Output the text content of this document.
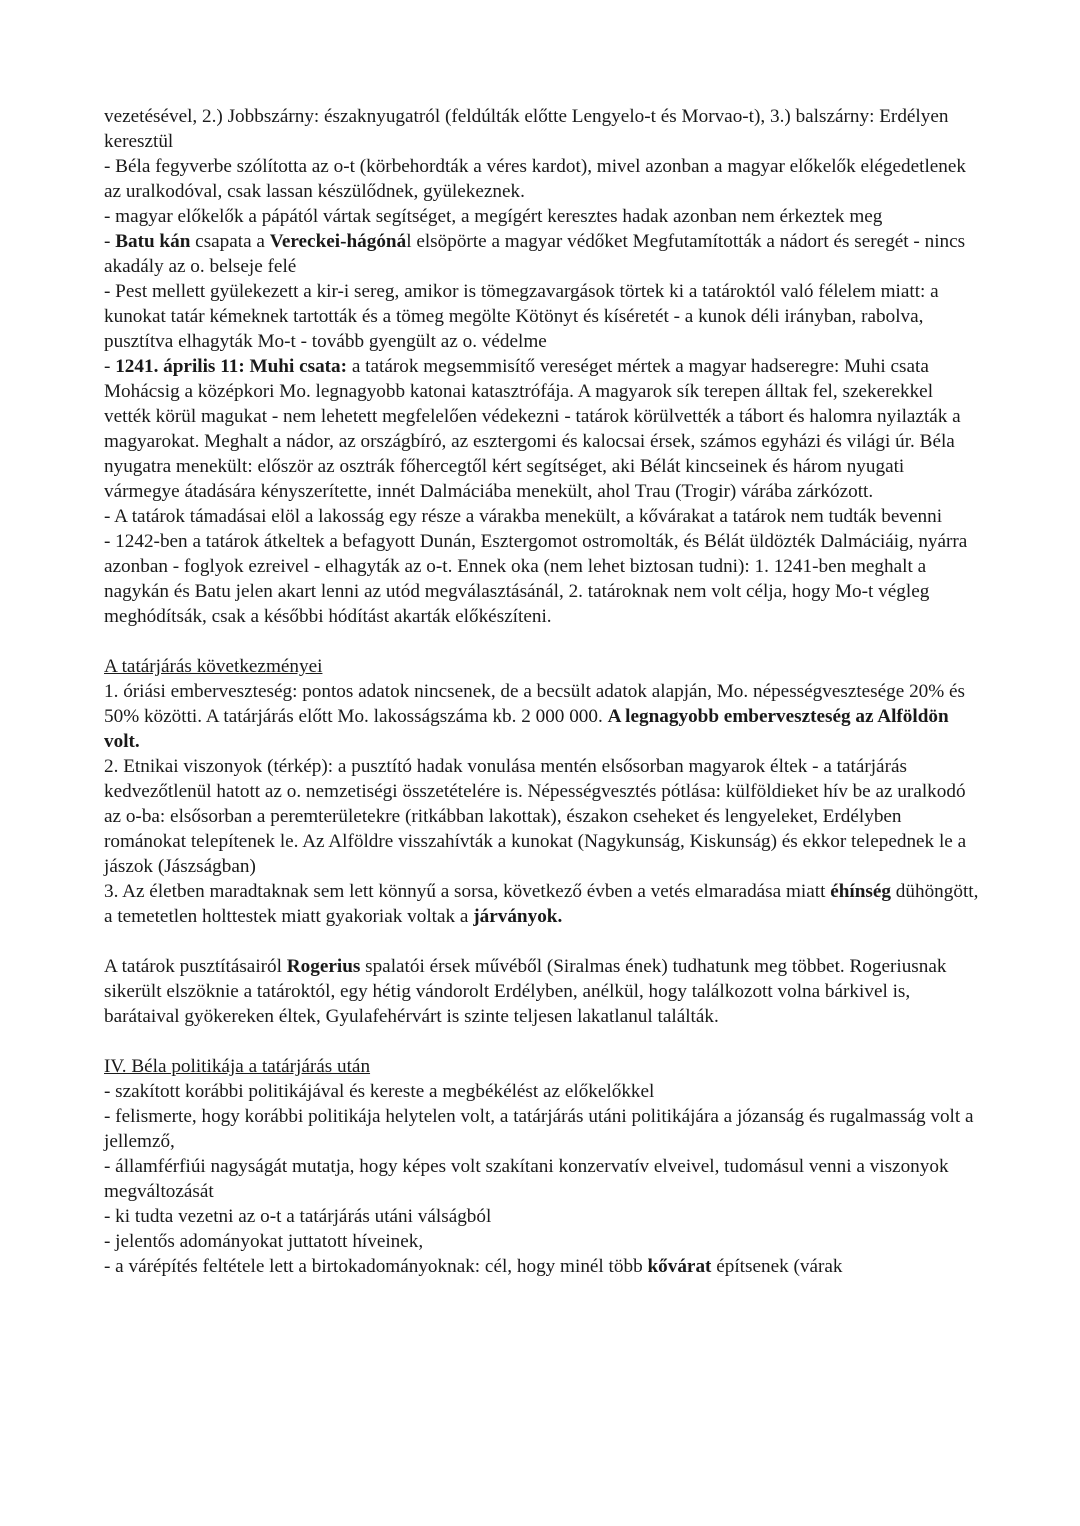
vezetésével, 2.) Jobbszárny: északnyugatról (feldúlták előtte Lengyelo-t és Morvao-t), 3.) balszárny: Erdélyen keresztül
- Béla fegyverbe szólította az o-t (körbehordták a véres kardot), mivel azonban a magyar előkelők elégedetlenek az uralkodóval, csak lassan készülődnek, gyülekeznek.
- magyar előkelők a pápától vártak segítséget, a megígért keresztes hadak azonban nem érkeztek meg
- Batu kán csapata a Vereckei-hágónál elsöpörte a magyar védőket Megfutamították a nádort és seregét - nincs akadály az o. belseje felé
- Pest mellett gyülekezett a kir-i sereg, amikor is tömegzavargások törtek ki a tatároktól való félelem miatt: a kunokat tatár kémeknek tartották és a tömeg megölte Kötönyt és kíséretét - a kunok déli irányban, rabolva, pusztítva elhagyták Mo-t - tovább gyengült az o. védelme
- 1241. április 11: Muhi csata: a tatárok megsemmisítő vereséget mértek a magyar hadseregre: Muhi csata Mohácsig a középkori Mo. legnagyobb katonai katasztrófája. A magyarok sík terepen álltak fel, szekerekkel vették körül magukat - nem lehetett megfelelően védekezni - tatárok körülvették a tábort és halomra nyilazták a magyarokat. Meghalt a nádor, az országbíró, az esztergomi és kalocsai érsek, számos egyházi és világi úr. Béla nyugatra menekült: először az osztrák főhercegtől kért segítséget, aki Bélát kincseinek és három nyugati vármegye átadására kényszerítette, innét Dalmáciába menekült, ahol Trau (Trogir) várába zárkózott.
- A tatárok támadásai elöl a lakosság egy része a várakba menekült, a kővárakat a tatárok nem tudták bevenni
- 1242-ben a tatárok átkeltek a befagyott Dunán, Esztergomot ostromolták, és Bélát üldözték Dalmáciáig, nyárra azonban - foglyok ezreivel - elhagyták az o-t. Ennek oka (nem lehet biztosan tudni): 1. 1241-ben meghalt a nagykán és Batu jelen akart lenni az utód megválasztásánál, 2. tatároknak nem volt célja, hogy Mo-t végleg meghódítsák, csak a későbbi hódítást akarták előkészíteni.
A tatárjárás következményei
1. óriási emberveszteség: pontos adatok nincsenek, de a becsült adatok alapján, Mo. népességvesztesége 20% és 50% közötti. A tatárjárás előtt Mo. lakosságszáma kb. 2 000 000. A legnagyobb emberveszteség az Alföldön volt.
2. Etnikai viszonyok (térkép): a pusztító hadak vonulása mentén elsősorban magyarok éltek - a tatárjárás kedvezőtlenül hatott az o. nemzetiségi összetételére is. Népességvesztés pótlása: külföldieket hív be az uralkodó az o-ba: elsősorban a peremterületekre (ritkábban lakottak), északon cseheket és lengyeleket, Erdélyben románokat telepítenek le. Az Alföldre visszahívták a kunokat (Nagykunság, Kiskunság) és ekkor telepednek le a jászok (Jászságban)
3. Az életben maradtaknak sem lett könnyű a sorsa, következő évben a vetés elmaradása miatt éhínség dühöngött, a temetetlen holttestek miatt gyakoriak voltak a járványok.
A tatárok pusztításairól Rogerius spalatói érsek művéből (Siralmas ének) tudhatunk meg többet. Rogeriusnak sikerült elszöknie a tatároktól, egy hétig vándorolt Erdélyben, anélkül, hogy találkozott volna bárkivel is, barátaival gyökereken éltek, Gyulafehérvárt is szinte teljesen lakatlanul találták.
IV. Béla politikája a tatárjárás után
- szakított korábbi politikájával és kereste a megbékélést az előkelőkkel
- felismerte, hogy korábbi politikája helytelen volt, a tatárjárás utáni politikájára a józanság és rugalmasság volt a jellemző,
- államférfiúi nagyságát mutatja, hogy képes volt szakítani konzervatív elveivel, tudomásul venni a viszonyok megváltozását
- ki tudta vezetni az o-t a tatárjárás utáni válságból
- jelentős adományokat juttatott híveinek,
- a várépítés feltétele lett a birtokadományoknak: cél, hogy minél több kővárat építsenek (várak
